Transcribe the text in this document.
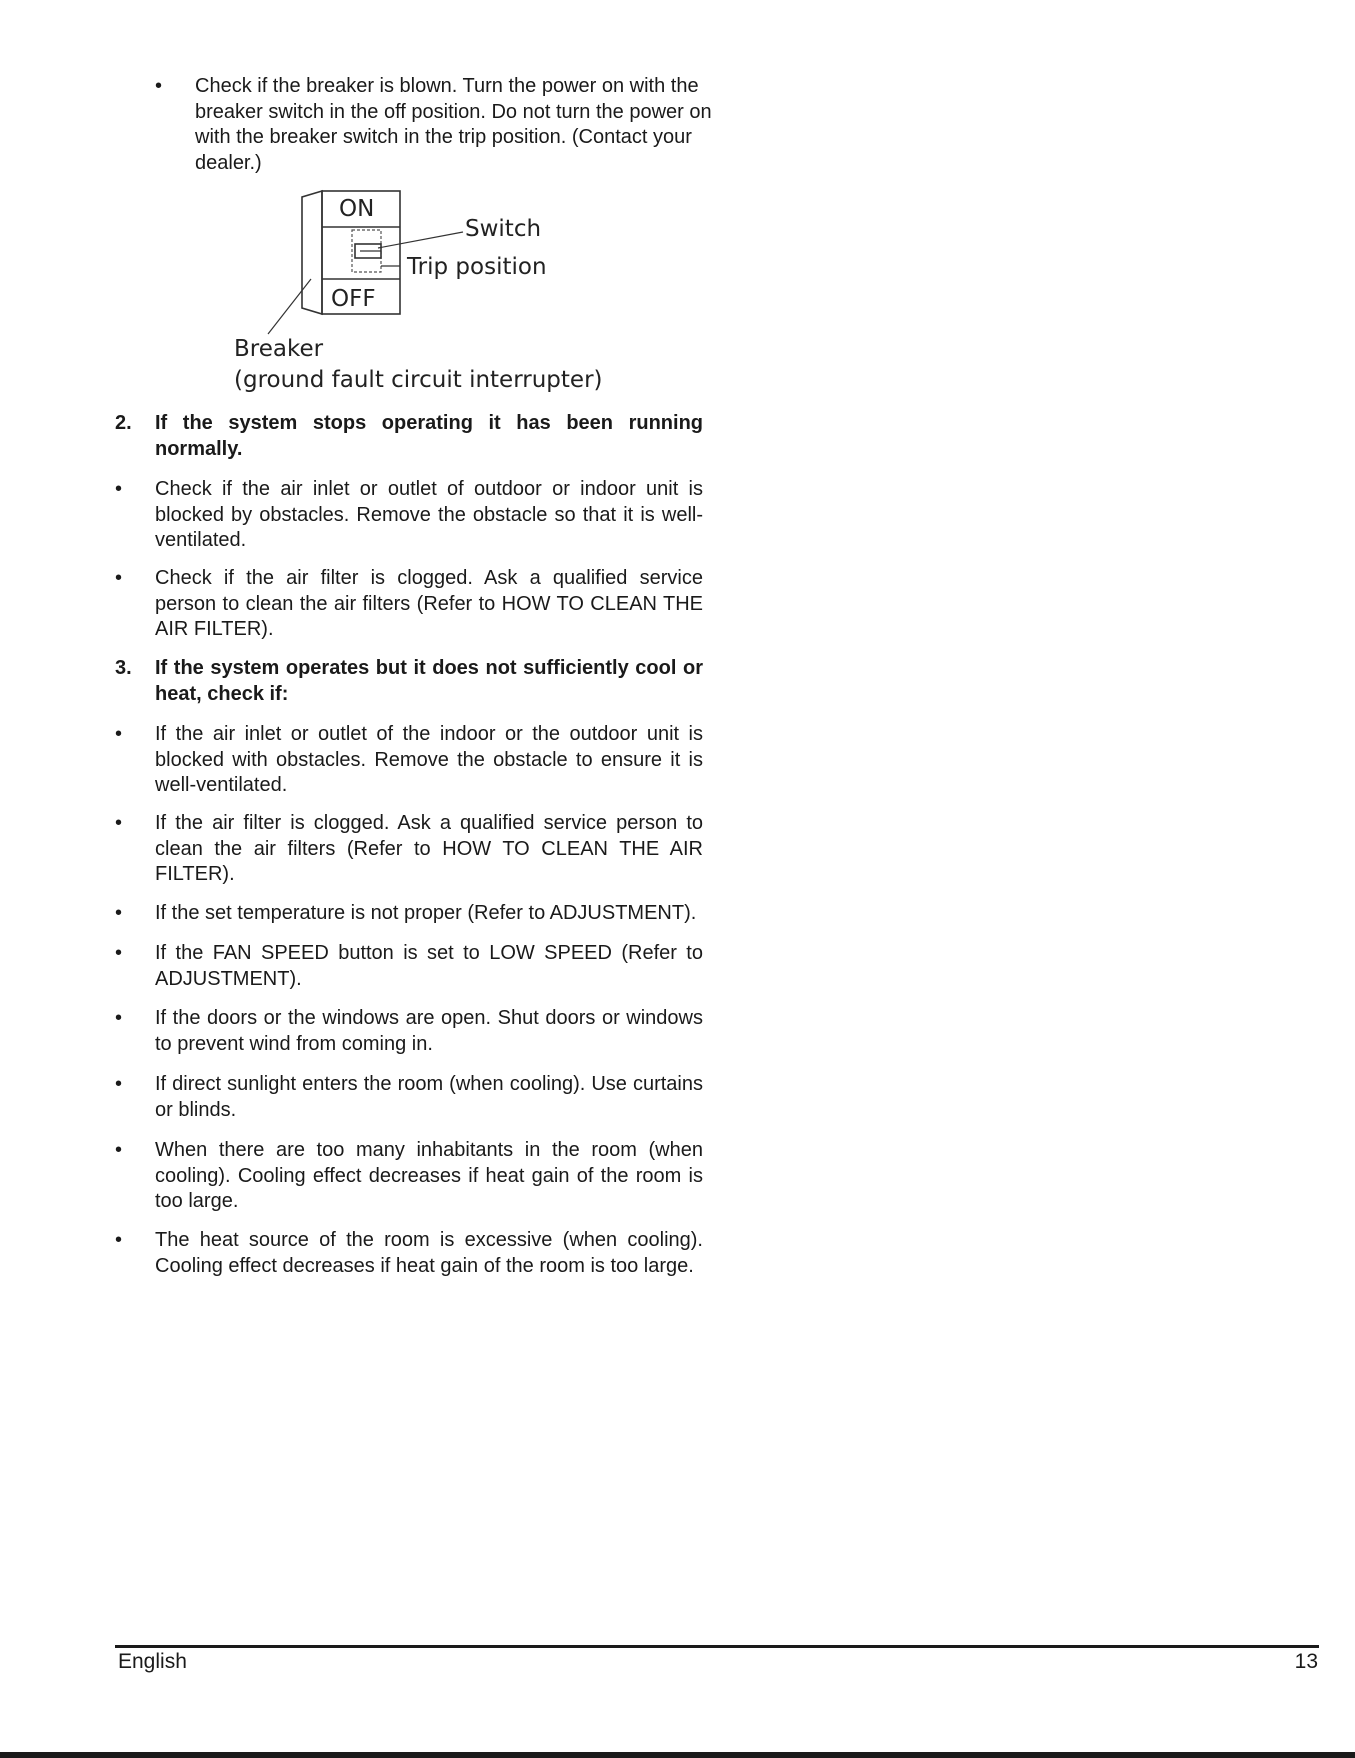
• Check if the breaker is blown. Turn the power on with the breaker switch in the off position. Do not turn the power on with the breaker switch in the trip position. (Contact your dealer.)
ON
OFF
Switch
Trip position
Breaker
(ground fault circuit interrupter)
2. If the system stops operating it has been running normally.
• Check if the air inlet or outlet of outdoor or indoor unit is blocked by obstacles. Remove the obstacle so that it is well-ventilated.
• Check if the air filter is clogged. Ask a qualified service person to clean the air filters (Refer to HOW TO CLEAN THE AIR FILTER).
3. If the system operates but it does not sufficiently cool or heat, check if:
• If the air inlet or outlet of the indoor or the outdoor unit is blocked with obstacles. Remove the obstacle to ensure it is well-ventilated.
• If the air filter is clogged. Ask a qualified service person to clean the air filters (Refer to HOW TO CLEAN THE AIR FILTER).
• If the set temperature is not proper (Refer to ADJUSTMENT).
• If the FAN SPEED button is set to LOW SPEED (Refer to ADJUSTMENT).
• If the doors or the windows are open. Shut doors or windows to prevent wind from coming in.
• If direct sunlight enters the room (when cooling). Use curtains or blinds.
• When there are too many inhabitants in the room (when cooling). Cooling effect decreases if heat gain of the room is too large.
• The heat source of the room is excessive (when cooling). Cooling effect decreases if heat gain of the room is too large.
English	13
